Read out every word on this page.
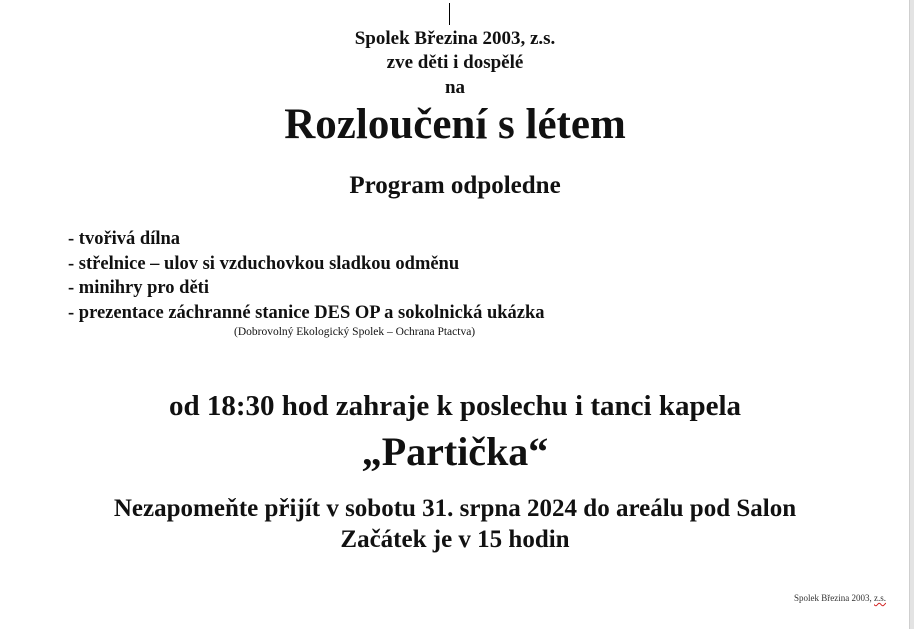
Spolek Březina 2003, z.s.
zve děti i dospělé
na
Rozloučení s létem
Program odpoledne
- tvořivá dílna
- střelnice – ulov si vzduchovkou sladkou odměnu
- minihry pro děti
- prezentace záchranné stanice DES OP a sokolnická ukázka
(Dobrovolný Ekologický Spolek – Ochrana Ptactva)
od 18:30 hod zahraje k poslechu i tanci kapela
„Partička“
Nezapomeňte přijít v sobotu 31. srpna 2024 do areálu pod Salon
Začátek je v 15 hodin
Spolek Březina 2003, z.s.
